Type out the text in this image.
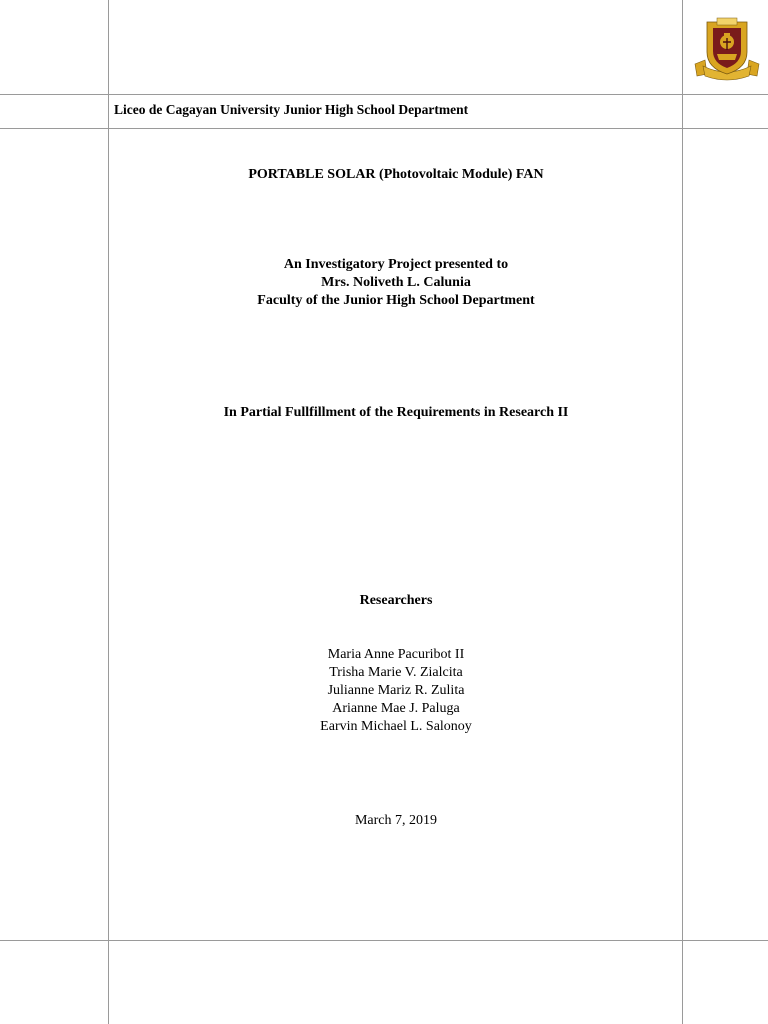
Liceo de Cagayan University Junior High School Department
PORTABLE SOLAR (Photovoltaic Module) FAN
An Investigatory Project presented to
Mrs. Noliveth L. Calunia
Faculty of the Junior High School Department
In Partial Fullfillment of the Requirements in Research II
Researchers
Maria Anne Pacuribot II
Trisha Marie V. Zialcita
Julianne Mariz R. Zulita
Arianne Mae J. Paluga
Earvin Michael L. Salonoy
March 7, 2019
